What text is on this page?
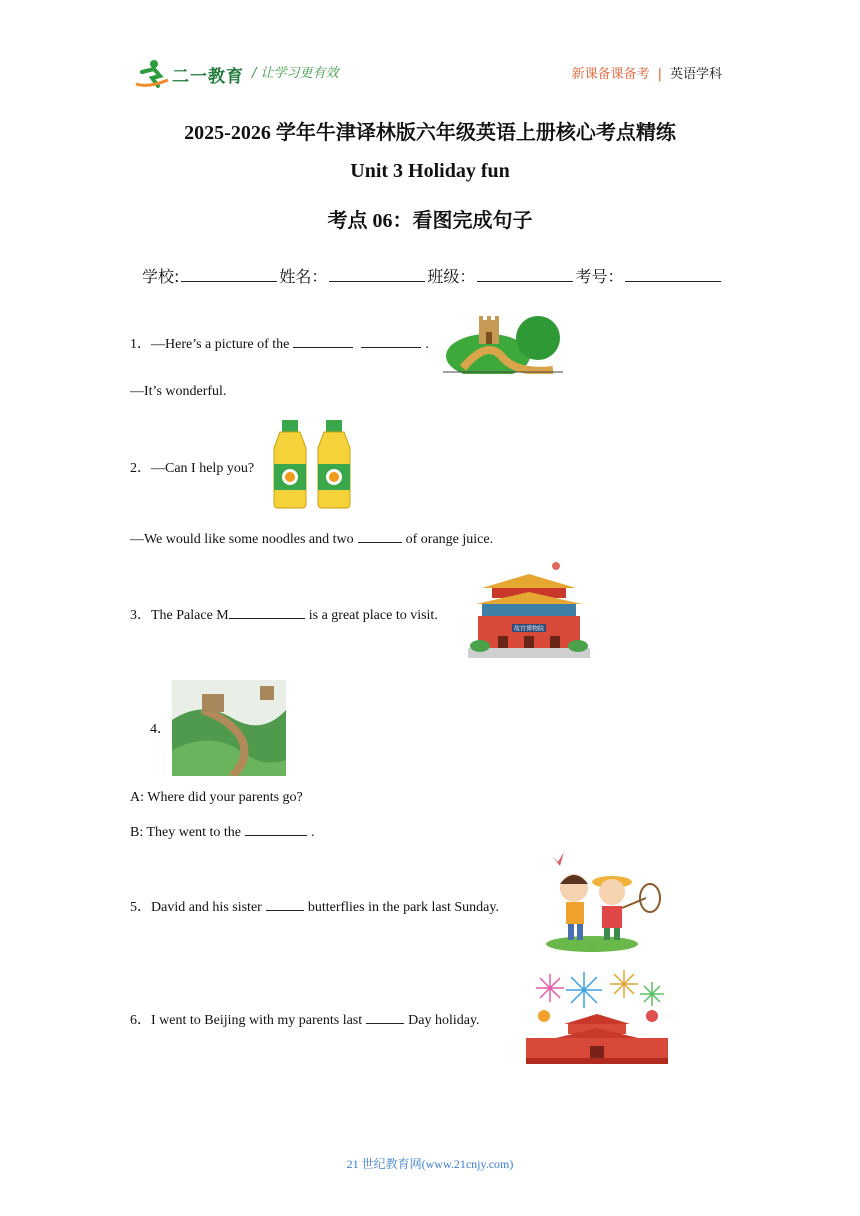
二一教育 / 让学习更有效	新课备课备考 | 英语学科
2025-2026 学年牛津译林版六年级英语上册核心考点精练
Unit 3 Holiday fun
考点 06：看图完成句子
学校:	姓名：	班级：	考号：
1．—Here’s a picture of the	.
—It’s wonderful.
2．—Can I help you?
—We would like some noodles and two	of orange juice.
3．The Palace M	is a great place to visit.
故宫博物院
4．
A: Where did your parents go?
B: They went to the	.
5．David and his sister	butterflies in the park last Sunday.
6．I went to Beijing with my parents last	Day holiday.
21 世纪教育网(www.21cnjy.com)
